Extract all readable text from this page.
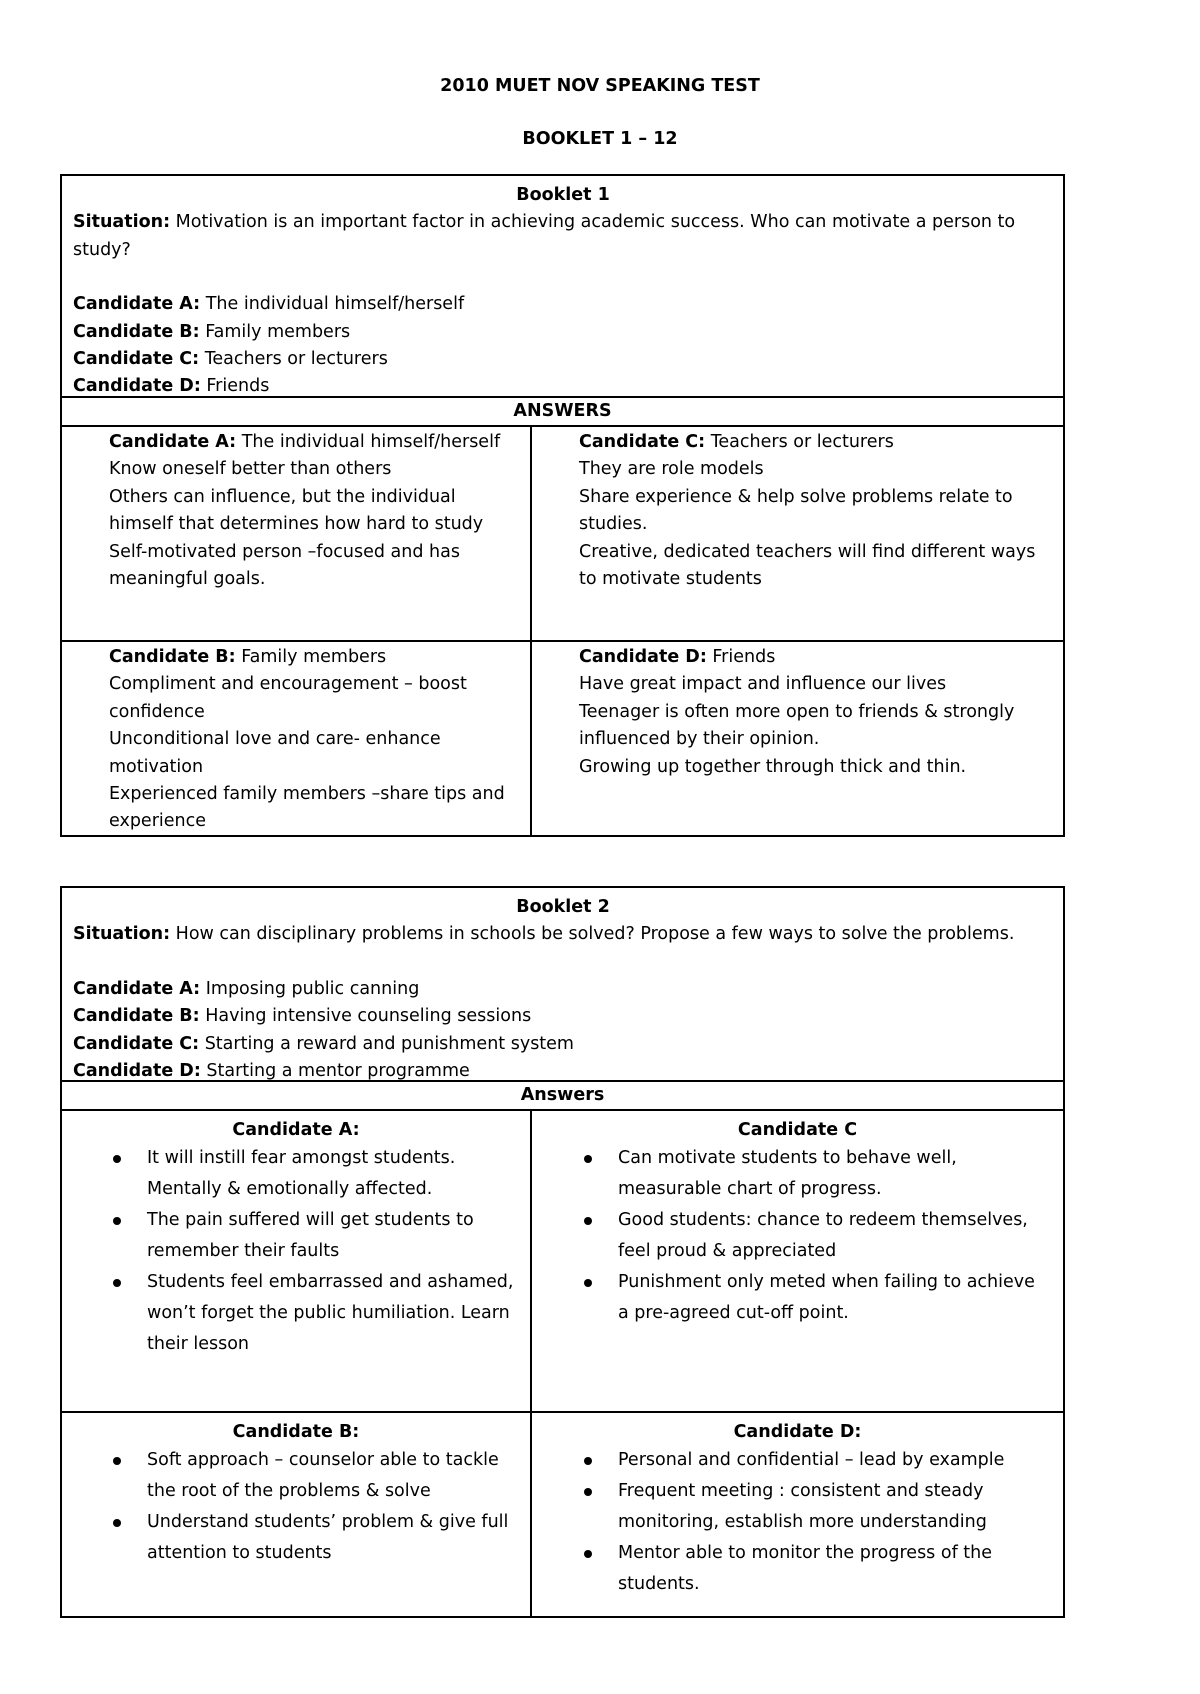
2010 MUET NOV SPEAKING TEST
BOOKLET 1 – 12
Booklet 1
Situation: Motivation is an important factor in achieving academic success. Who can motivate a person to study?
Candidate A: The individual himself/herself
Candidate B: Family members
Candidate C: Teachers or lecturers
Candidate D: Friends
ANSWERS
Candidate A: The individual himself/herself
Know oneself better than others
Others can influence, but the individual himself that determines how hard to study
Self-motivated person –focused and has meaningful goals.
Candidate C: Teachers or lecturers
They are role models
Share experience & help solve problems relate to studies.
Creative, dedicated teachers will find different ways to motivate students
Candidate B: Family members
Compliment and encouragement – boost confidence
Unconditional love and care- enhance motivation
Experienced family members –share tips and experience
Candidate D: Friends
Have great impact and influence our lives
Teenager is often more open to friends & strongly influenced by their opinion.
Growing up together through thick and thin.
Booklet 2
Situation: How can disciplinary problems in schools be solved? Propose a few ways to solve the problems.
Candidate A: Imposing public canning
Candidate B: Having intensive counseling sessions
Candidate C: Starting a reward and punishment system
Candidate D: Starting a mentor programme
Answers
Candidate A:
It will instill fear amongst students. Mentally & emotionally affected.
The pain suffered will get students to remember their faults
Students feel embarrassed and ashamed, won’t forget the public humiliation. Learn their lesson
Candidate C
Can motivate students to behave well, measurable chart of progress.
Good students: chance to redeem themselves, feel proud & appreciated
Punishment only meted when failing to achieve a pre-agreed cut-off point.
Candidate B:
Soft approach – counselor able to tackle the root of the problems & solve
Understand students’ problem & give full attention to students
Candidate D:
Personal and confidential – lead by example
Frequent meeting : consistent and steady monitoring, establish more understanding
Mentor able to monitor the progress of the students.
